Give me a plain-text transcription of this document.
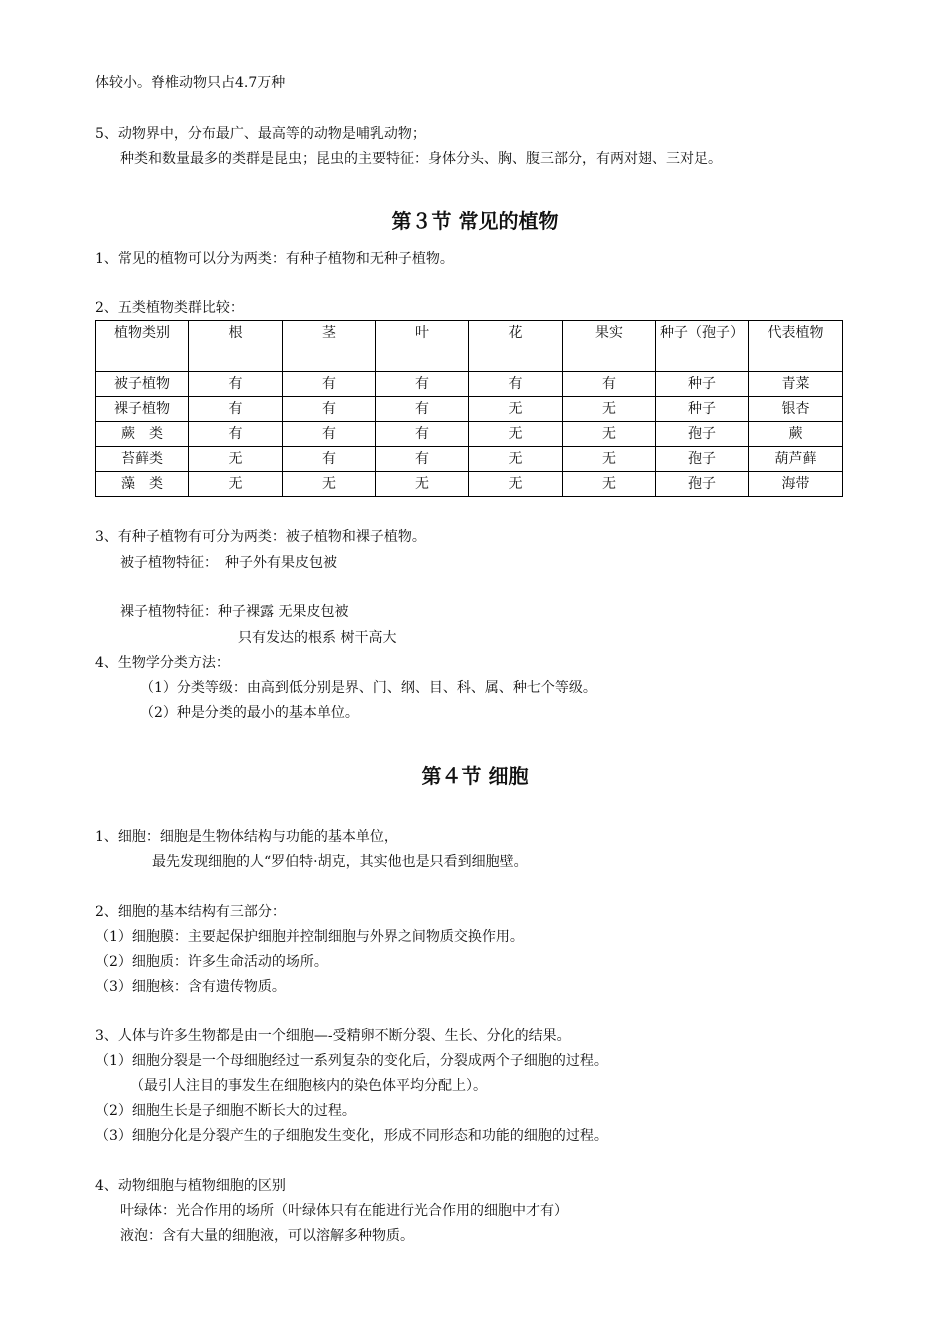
体较小。脊椎动物只占4.7万种
5、动物界中，分布最广、最高等的动物是哺乳动物；
种类和数量最多的类群是昆虫；昆虫的主要特征：身体分头、胸、腹三部分，有两对翅、三对足。
第３节 常见的植物
1、常见的植物可以分为两类：有种子植物和无种子植物。
2、五类植物类群比较：
植物类别	根	茎	叶	花	果实	种子（孢子）	代表植物
被子植物	有	有	有	有	有	种子	青菜
裸子植物	有	有	有	无	无	种子	银杏
蕨　类	有	有	有	无	无	孢子	蕨
苔藓类	无	有	有	无	无	孢子	葫芦藓
藻　类	无	无	无	无	无	孢子	海带
3、有种子植物有可分为两类：被子植物和裸子植物。
被子植物特征：　种子外有果皮包被
裸子植物特征：种子裸露 无果皮包被
只有发达的根系 树干高大
4、生物学分类方法：
（1）分类等级：由高到低分别是界、门、纲、目、科、属、种七个等级。
（2）种是分类的最小的基本单位。
第４节 细胞
1、细胞：细胞是生物体结构与功能的基本单位，
最先发现细胞的人“罗伯特·胡克，其实他也是只看到细胞壁。
2、细胞的基本结构有三部分：
（1）细胞膜：主要起保护细胞并控制细胞与外界之间物质交换作用。
（2）细胞质：许多生命活动的场所。
（3）细胞核：含有遗传物质。
3、人体与许多生物都是由一个细胞—-受精卵不断分裂、生长、分化的结果。
（1）细胞分裂是一个母细胞经过一系列复杂的变化后，分裂成两个子细胞的过程。
（最引人注目的事发生在细胞核内的染色体平均分配上）。
（2）细胞生长是子细胞不断长大的过程。
（3）细胞分化是分裂产生的子细胞发生变化，形成不同形态和功能的细胞的过程。
4、动物细胞与植物细胞的区别
叶绿体：光合作用的场所（叶绿体只有在能进行光合作用的细胞中才有）
液泡：含有大量的细胞液，可以溶解多种物质。
